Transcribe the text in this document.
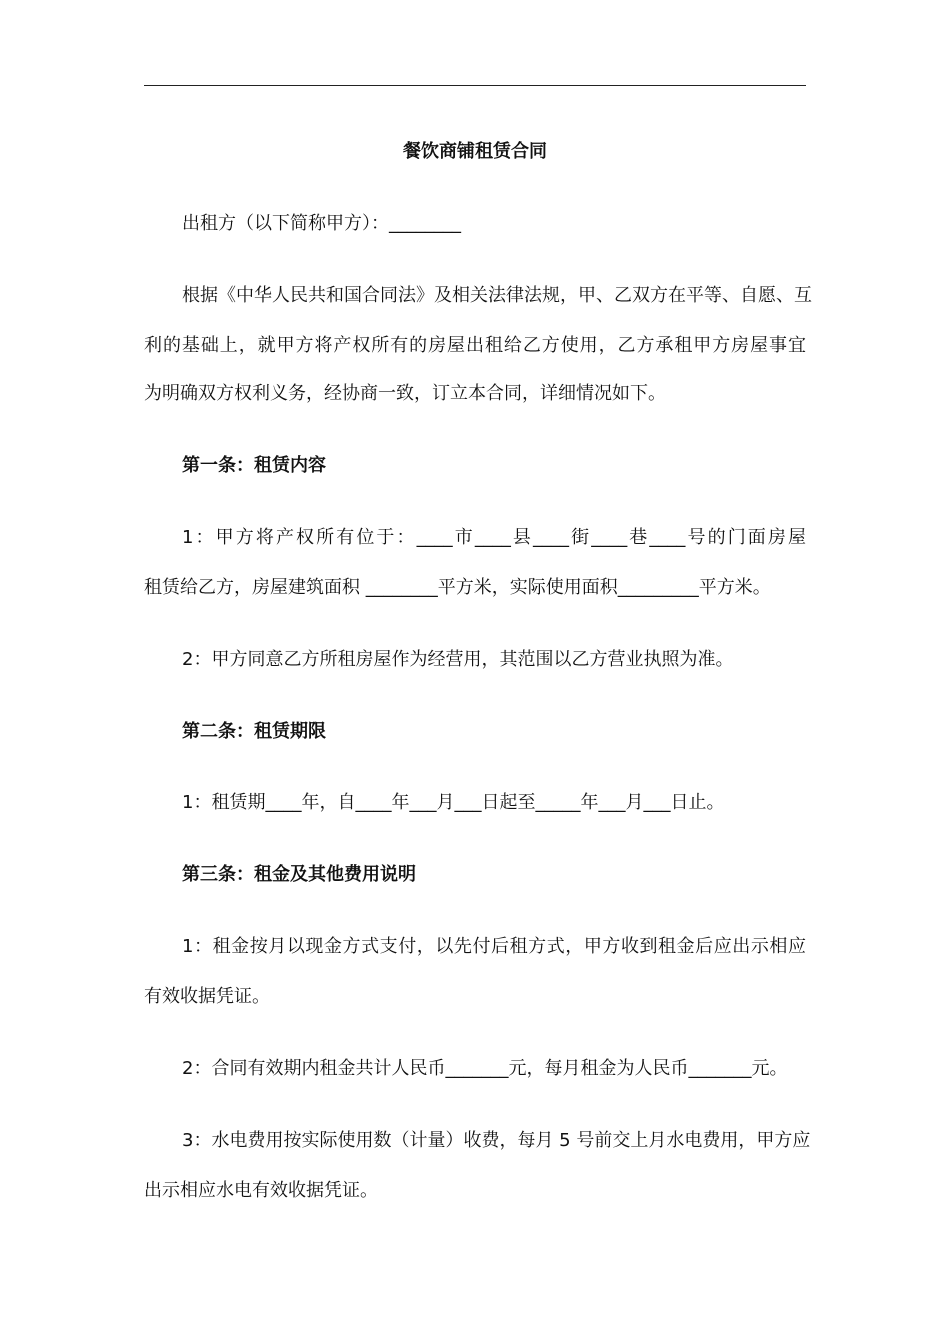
餐饮商铺租赁合同
出租方（以下简称甲方）：________
根据《中华人民共和国合同法》及相关法律法规，甲、乙双方在平等、自愿、互
利的基础上，就甲方将产权所有的房屋出租给乙方使用，乙方承租甲方房屋事宜
为明确双方权利义务，经协商一致，订立本合同，详细情况如下。
第一条：租赁内容
1：甲方将产权所有位于：____市____县____街____巷____号的门面房屋
租赁给乙方，房屋建筑面积 ________平方米，实际使用面积_________平方米。
2：甲方同意乙方所租房屋作为经营用，其范围以乙方营业执照为准。
第二条：租赁期限
1：租赁期____年，自____年___月___日起至_____年___月___日止。
第三条：租金及其他费用说明
1：租金按月以现金方式支付，以先付后租方式，甲方收到租金后应出示相应
有效收据凭证。
2：合同有效期内租金共计人民币_______元，每月租金为人民币_______元。
3：水电费用按实际使用数（计量）收费，每月 5 号前交上月水电费用，甲方应
出示相应水电有效收据凭证。
